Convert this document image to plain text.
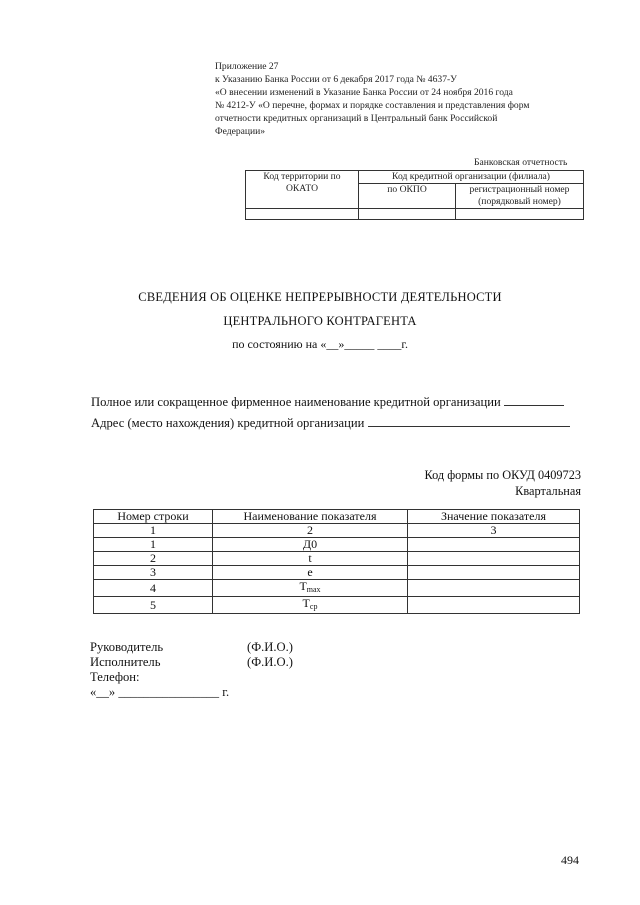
Приложение 27
к Указанию Банка России от 6 декабря 2017 года № 4637-У
«О внесении изменений в Указание Банка России от 24 ноября 2016 года
№ 4212-У «О перечне, формах и порядке составления и представления форм
отчетности кредитных организаций в Центральный банк Российской
Федерации»
Банковская отчетность
Код территории по
ОКАТО	Код кредитной организации (филиала)	
	по ОКПО	регистрационный номер
(порядковый номер)

СВЕДЕНИЯ ОБ ОЦЕНКЕ НЕПРЕРЫВНОСТИ ДЕЯТЕЛЬНОСТИ
ЦЕНТРАЛЬНОГО КОНТРАГЕНТА
по состоянию на «__»_____ ____г.
Полное или сокращенное фирменное наименование кредитной организации
Адрес (место нахождения) кредитной организации
Код формы по ОКУД 0409723
Квартальная
Номер строки	Наименование показателя	Значение показателя
1	2	3
1	Д0	
2	t	
3	e	
4	$T_{max}$	
5	$T_{ср}$	
Руководитель	(Ф.И.О.)
Исполнитель	(Ф.И.О.)
Телефон:
«__» ________________ г.
494
